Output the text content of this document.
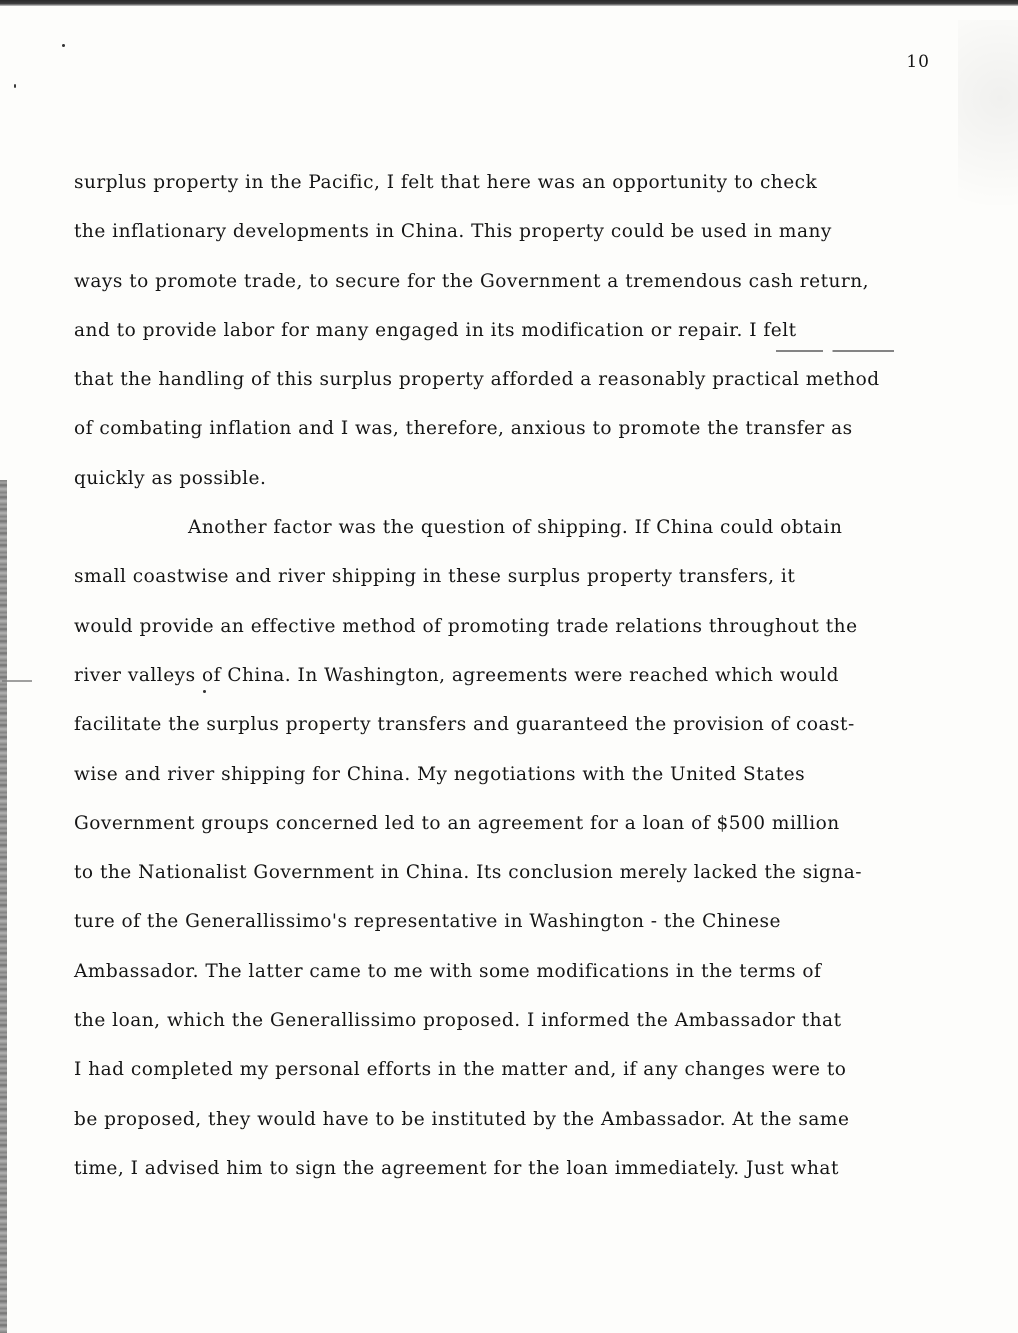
10
surplus property in the Pacific, I felt that here was an opportunity to check
the inflationary developments in China. This property could be used in many
ways to promote trade, to secure for the Government a tremendous cash return,
and to provide labor for many engaged in its modification or repair. I felt
that the handling of this surplus property afforded a reasonably practical method
of combating inflation and I was, therefore, anxious to promote the transfer as
quickly as possible.
Another factor was the question of shipping. If China could obtain
small coastwise and river shipping in these surplus property transfers, it
would provide an effective method of promoting trade relations throughout the
river valleys of China. In Washington, agreements were reached which would
facilitate the surplus property transfers and guaranteed the provision of coast-
wise and river shipping for China. My negotiations with the United States
Government groups concerned led to an agreement for a loan of $500 million
to the Nationalist Government in China. Its conclusion merely lacked the signa-
ture of the Generallissimo's representative in Washington - the Chinese
Ambassador. The latter came to me with some modifications in the terms of
the loan, which the Generallissimo proposed. I informed the Ambassador that
I had completed my personal efforts in the matter and, if any changes were to
be proposed, they would have to be instituted by the Ambassador. At the same
time, I advised him to sign the agreement for the loan immediately. Just what
